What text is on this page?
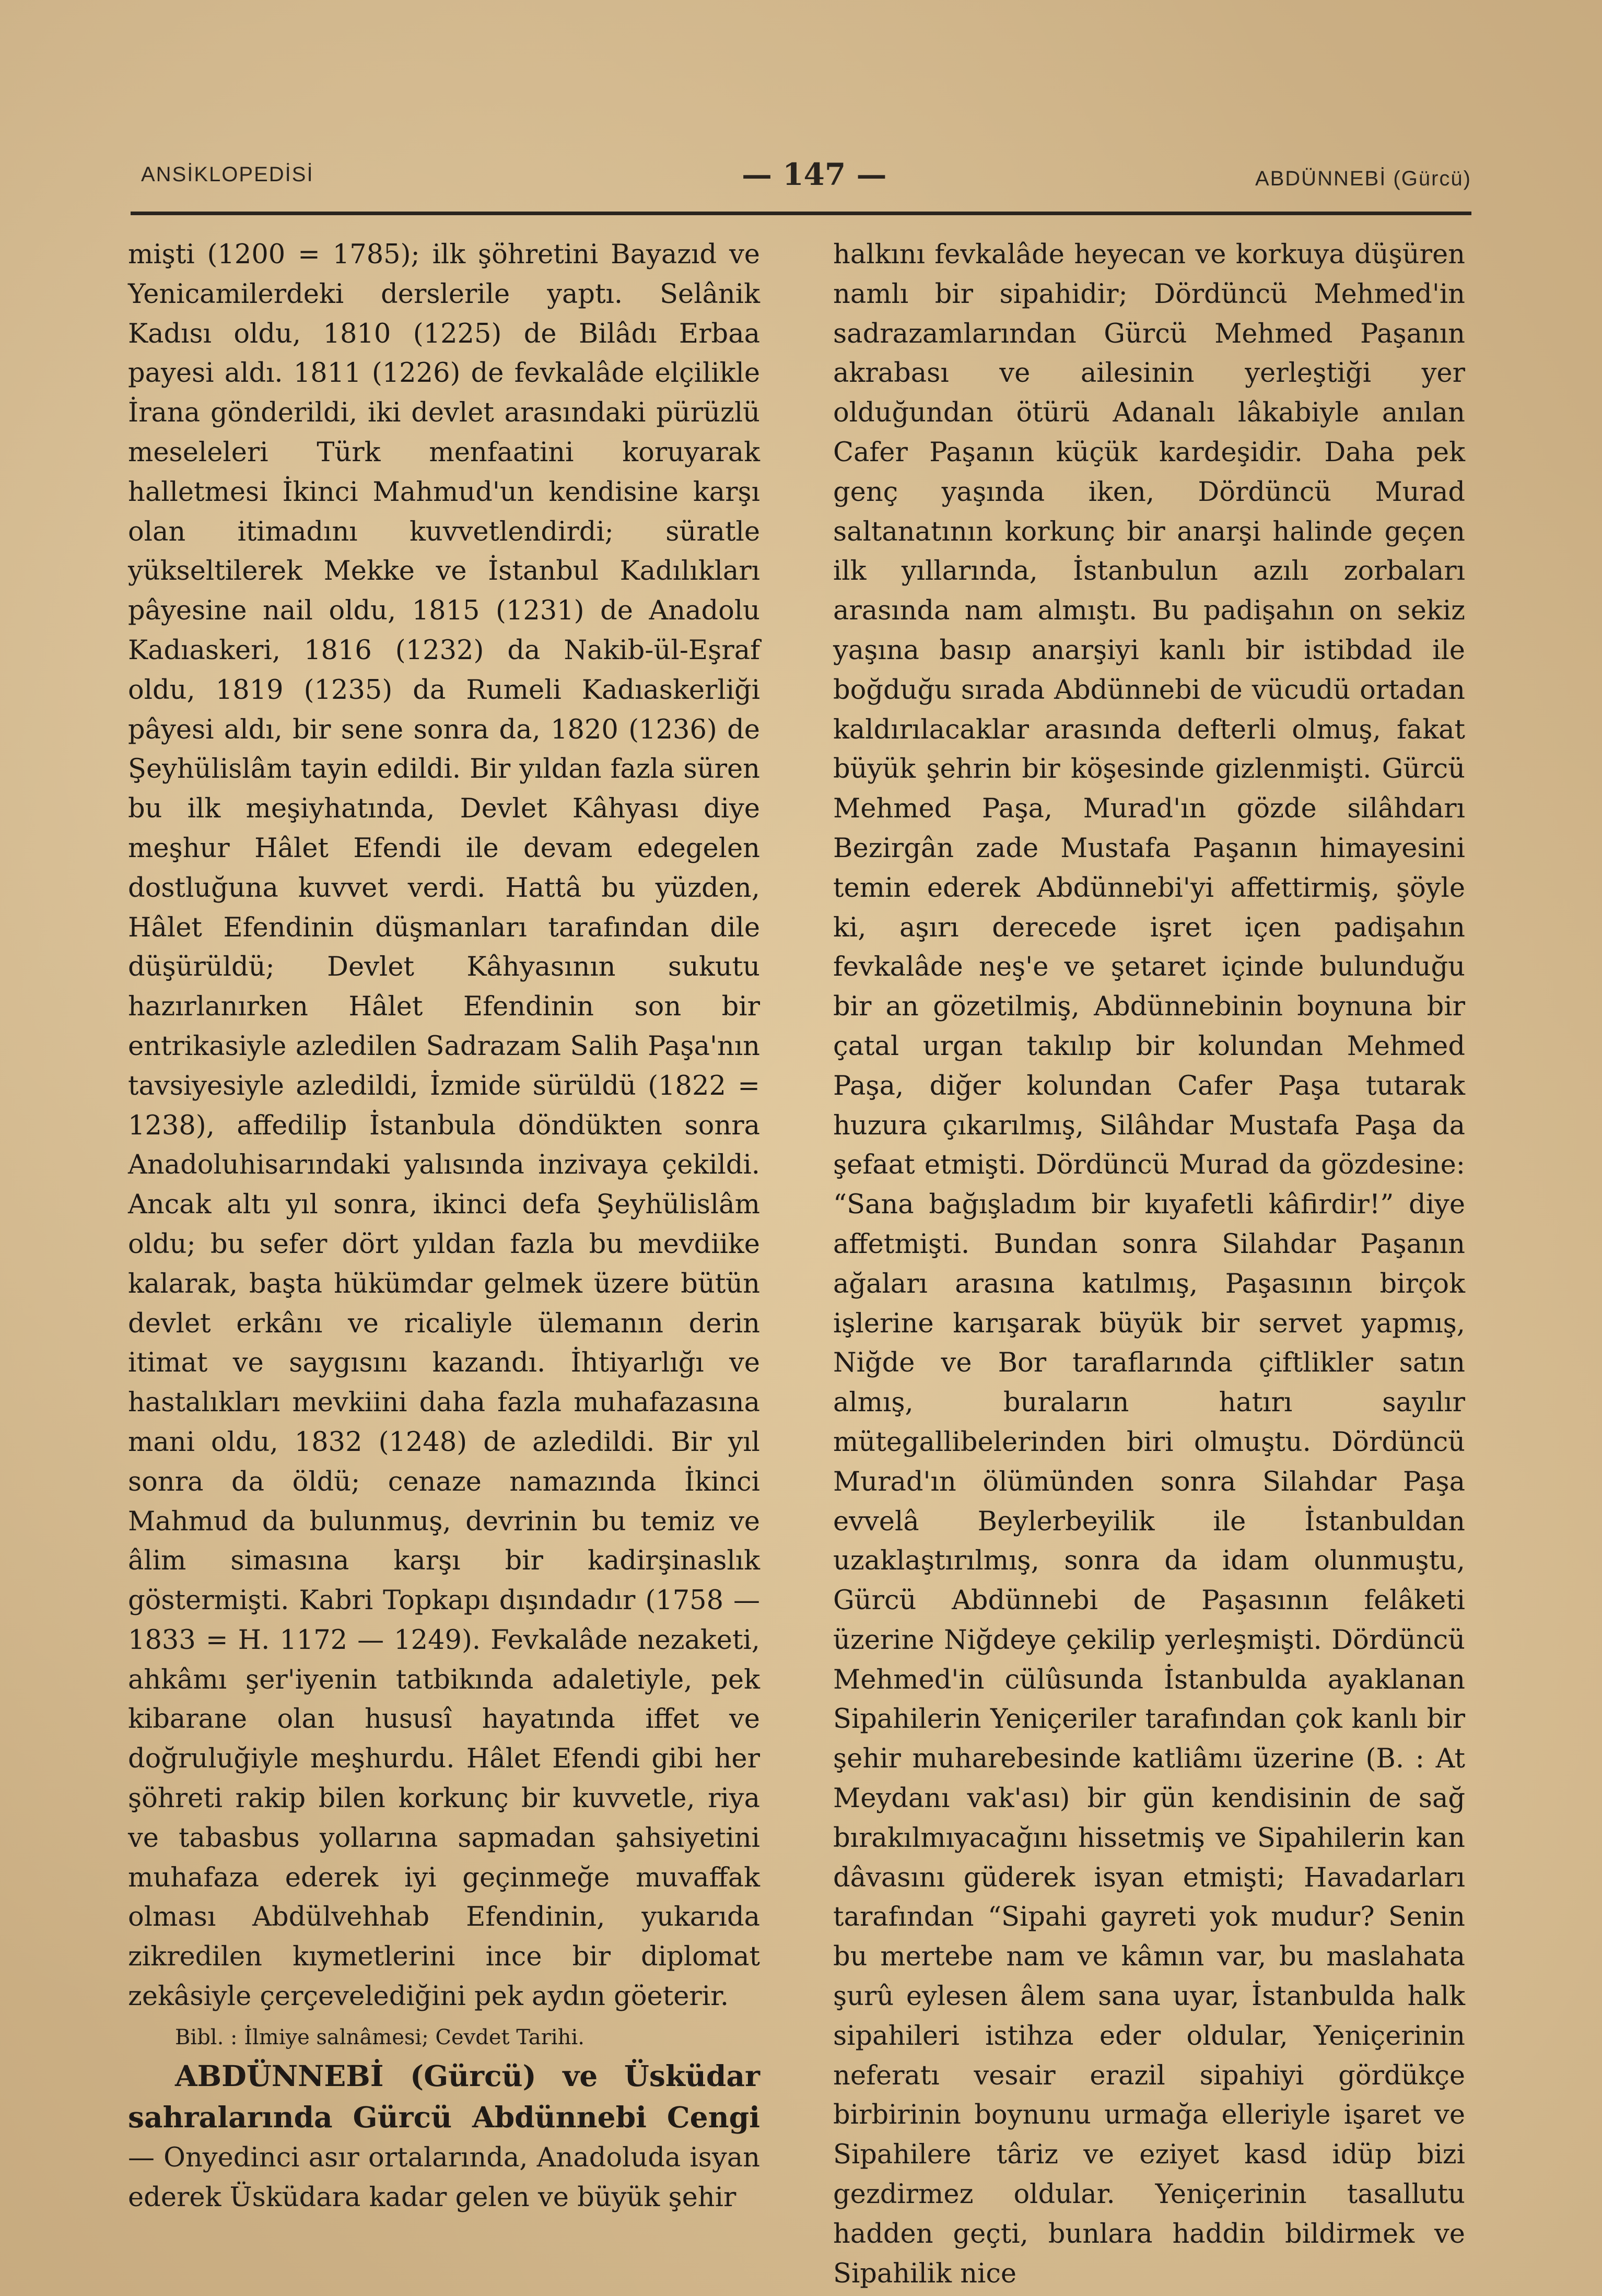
ANSİKLOPEDİSİ	— 147 —	ABDÜNNEBİ (Gürcü)

mişti (1200 = 1785); ilk şöhretini Bayazıd ve Yenicamilerdeki derslerile yaptı. Selânik Kadısı oldu, 1810 (1225) de Bilâdı Erbaa payesi aldı. 1811 (1226) de fevkalâde elçilikle İrana gönderildi, iki devlet arasındaki pürüzlü meseleleri Türk menfaatini koruyarak halletmesi İkinci Mahmud'un kendisine karşı olan itimadını kuvvetlendirdi; süratle yükseltilerek Mekke ve İstanbul Kadılıkları pâyesine nail oldu, 1815 (1231) de Anadolu Kadıaskeri, 1816 (1232) da Nakib-ül-Eşraf oldu, 1819 (1235) da Rumeli Kadıaskerliği pâyesi aldı, bir sene sonra da, 1820 (1236) de Şeyhülislâm tayin edildi. Bir yıldan fazla süren bu ilk meşiyhatında, Devlet Kâhyası diye meşhur Hâlet Efendi ile devam edegelen dostluğuna kuvvet verdi. Hattâ bu yüzden, Hâlet Efendinin düşmanları tarafından dile düşürüldü; Devlet Kâhyasının sukutu hazırlanırken Hâlet Efendinin son bir entrikasiyle azledilen Sadrazam Salih Paşa'nın tavsiyesiyle azledildi, İzmide sürüldü (1822 = 1238), affedilip İstanbula döndükten sonra Anadoluhisarındaki yalısında inzivaya çekildi. Ancak altı yıl sonra, ikinci defa Şeyhülislâm oldu; bu sefer dört yıldan fazla bu mevdiike kalarak, başta hükümdar gelmek üzere bütün devlet erkânı ve ricaliyle ülemanın derin itimat ve saygısını kazandı. İhtiyarlığı ve hastalıkları mevkiini daha fazla muhafazasına mani oldu, 1832 (1248) de azledildi. Bir yıl sonra da öldü; cenaze namazında İkinci Mahmud da bulunmuş, devrinin bu temiz ve âlim simasına karşı bir kadirşinaslık göstermişti. Kabri Topkapı dışındadır (1758 — 1833 = H. 1172 — 1249). Fevkalâde nezaketi, ahkâmı şer'iyenin tatbikında adaletiyle, pek kibarane olan hususî hayatında iffet ve doğruluğiyle meşhurdu. Hâlet Efendi gibi her şöhreti rakip bilen korkunç bir kuvvetle, riya ve tabasbus yollarına sapmadan şahsiyetini muhafaza ederek iyi geçinmeğe muvaffak olması Abdülvehhab Efendinin, yukarıda zikredilen kıymetlerini ince bir diplomat zekâsiyle çerçevelediğini pek aydın göeterir.

Bibl. : İlmiye salnâmesi; Cevdet Tarihi.

ABDÜNNEBİ (Gürcü) ve Üsküdar sahralarında Gürcü Abdünnebi Cengi — Onyedinci asır ortalarında, Anadoluda isyan ederek Üsküdara kadar gelen ve büyük şehir

halkını fevkalâde heyecan ve korkuya düşüren namlı bir sipahidir; Dördüncü Mehmed'in sadrazamlarından Gürcü Mehmed Paşanın akrabası ve ailesinin yerleştiği yer olduğundan ötürü Adanalı lâkabiyle anılan Cafer Paşanın küçük kardeşidir. Daha pek genç yaşında iken, Dördüncü Murad saltanatının korkunç bir anarşi halinde geçen ilk yıllarında, İstanbulun azılı zorbaları arasında nam almıştı. Bu padişahın on sekiz yaşına basıp anarşiyi kanlı bir istibdad ile boğduğu sırada Abdünnebi de vücudü ortadan kaldırılacaklar arasında defterli olmuş, fakat büyük şehrin bir köşesinde gizlenmişti. Gürcü Mehmed Paşa, Murad'ın gözde silâhdarı Bezirgân zade Mustafa Paşanın himayesini temin ederek Abdünnebi'yi affettirmiş, şöyle ki, aşırı derecede işret içen padişahın fevkalâde neş'e ve şetaret içinde bulunduğu bir an gözetilmiş, Abdünnebinin boynuna bir çatal urgan takılıp bir kolundan Mehmed Paşa, diğer kolundan Cafer Paşa tutarak huzura çıkarılmış, Silâhdar Mustafa Paşa da şefaat etmişti. Dördüncü Murad da gözdesine: “Sana bağışladım bir kıyafetli kâfirdir!” diye affetmişti. Bundan sonra Silahdar Paşanın ağaları arasına katılmış, Paşasının birçok işlerine karışarak büyük bir servet yapmış, Niğde ve Bor taraflarında çiftlikler satın almış, buraların hatırı sayılır mütegallibelerinden biri olmuştu. Dördüncü Murad'ın ölümünden sonra Silahdar Paşa evvelâ Beylerbeyilik ile İstanbuldan uzaklaştırılmış, sonra da idam olunmuştu, Gürcü Abdünnebi de Paşasının felâketi üzerine Niğdeye çekilip yerleşmişti. Dördüncü Mehmed'in cülûsunda İstanbulda ayaklanan Sipahilerin Yeniçeriler tarafından çok kanlı bir şehir muharebesinde katliâmı üzerine (B. : At Meydanı vak'ası) bir gün kendisinin de sağ bırakılmıyacağını hissetmiş ve Sipahilerin kan dâvasını güderek isyan etmişti; Havadarları tarafından “Sipahi gayreti yok mudur? Senin bu mertebe nam ve kâmın var, bu maslahata şurû eylesen âlem sana uyar, İstanbulda halk sipahileri istihza eder oldular, Yeniçerinin neferatı vesair erazil sipahiyi gördükçe birbirinin boynunu urmağa elleriyle işaret ve Sipahilere târiz ve eziyet kasd idüp bizi gezdirmez oldular. Yeniçerinin tasallutu hadden geçti, bunlara haddin bildirmek ve Sipahilik nice
